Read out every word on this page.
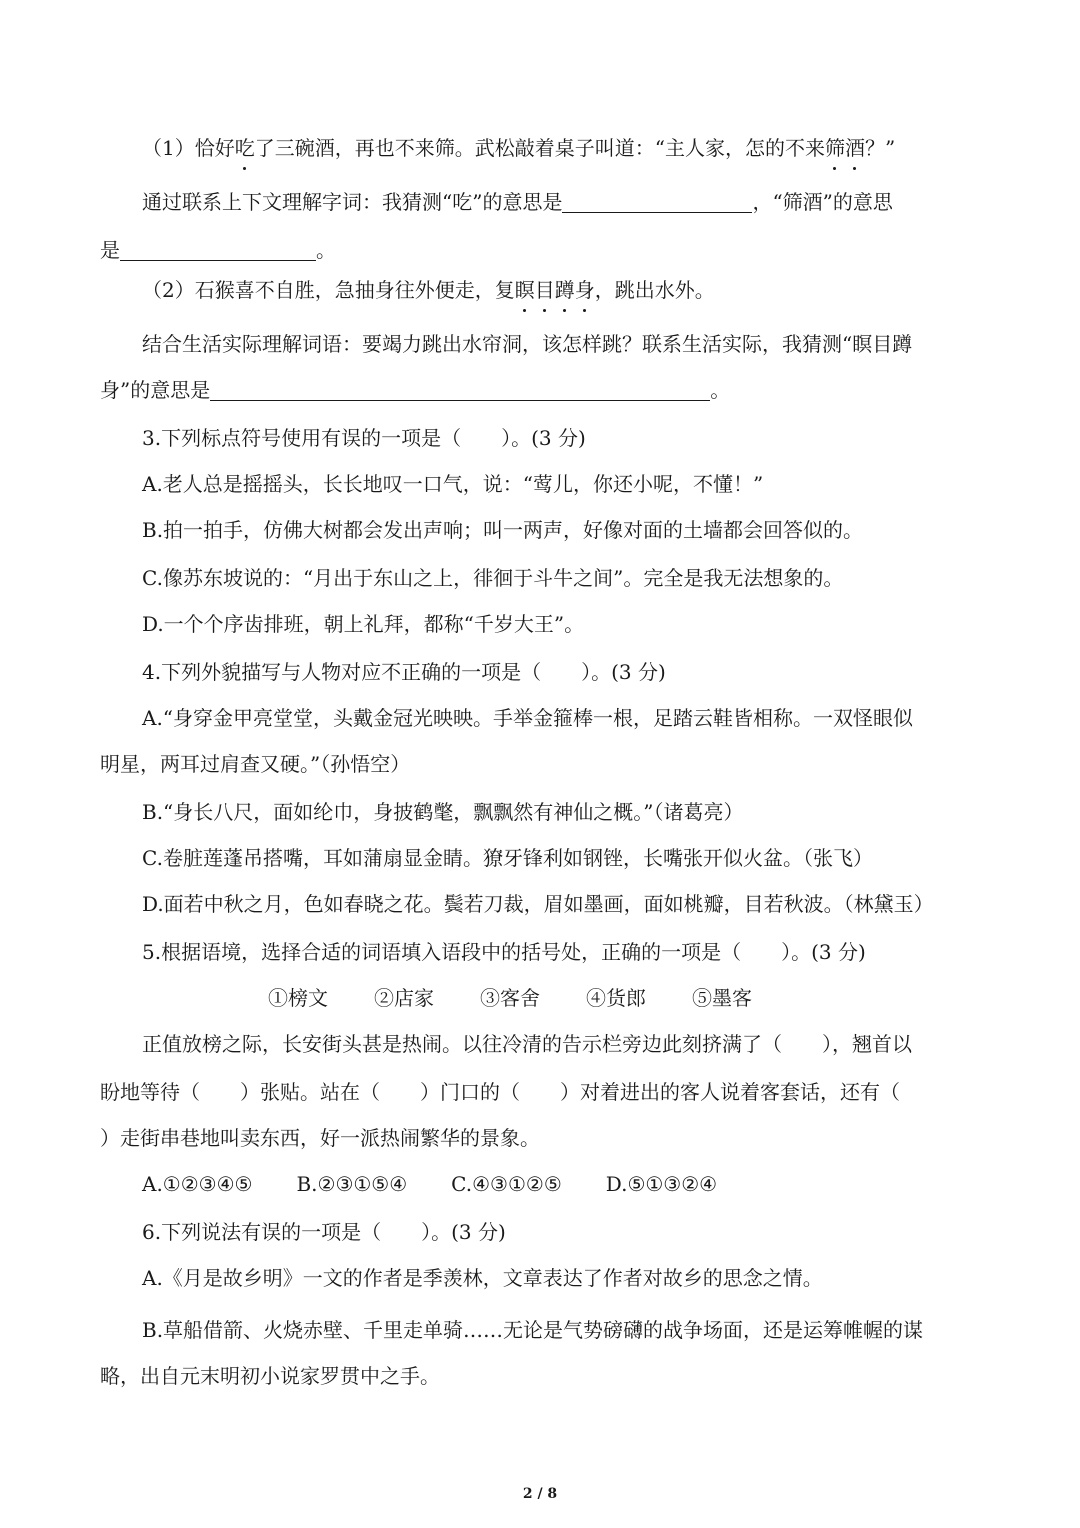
（1）恰好吃了三碗酒，再也不来筛。武松敲着桌子叫道：“主人家，怎的不来筛酒？”
通过联系上下文理解字词：我猜测“吃”的意思是	，“筛酒”的意思
是	。
（2）石猴喜不自胜，急抽身往外便走，复瞑目蹲身，跳出水外。
结合生活实际理解词语：要竭力跳出水帘洞，该怎样跳？联系生活实际，我猜测“瞑目蹲
身”的意思是	。
3.下列标点符号使用有误的一项是（　　）。(3 分)
A.老人总是摇摇头，长长地叹一口气，说：“莺儿，你还小呢，不懂！”
B.拍一拍手，仿佛大树都会发出声响；叫一两声，好像对面的土墙都会回答似的。
C.像苏东坡说的：“月出于东山之上，徘徊于斗牛之间”。完全是我无法想象的。
D.一个个序齿排班，朝上礼拜，都称“千岁大王”。
4.下列外貌描写与人物对应不正确的一项是（　　）。(3 分)
A.“身穿金甲亮堂堂，头戴金冠光映映。手举金箍棒一根，足踏云鞋皆相称。一双怪眼似
明星，两耳过肩查又硬。”（孙悟空）
B.“身长八尺，面如纶巾，身披鹤氅，飘飘然有神仙之概。”（诸葛亮）
C.卷脏莲蓬吊搭嘴，耳如蒲扇显金睛。獠牙锋利如钢锉，长嘴张开似火盆。（张飞）
D.面若中秋之月，色如春晓之花。鬓若刀裁，眉如墨画，面如桃瓣，目若秋波。（林黛玉）
5.根据语境，选择合适的词语填入语段中的括号处，正确的一项是（　　）。(3 分)
①榜文 ②店家 ③客舍 ④货郎 ⑤墨客
正值放榜之际，长安街头甚是热闹。以往冷清的告示栏旁边此刻挤满了（　　），翘首以
盼地等待（　　）张贴。站在（　　）门口的（　　）对着进出的客人说着客套话，还有（
）走街串巷地叫卖东西，好一派热闹繁华的景象。
A.①②③④⑤ B.②③①⑤④ C.④③①②⑤ D.⑤①③②④
6.下列说法有误的一项是（　　）。(3 分)
A.《月是故乡明》一文的作者是季羡林，文章表达了作者对故乡的思念之情。
B.草船借箭、火烧赤壁、千里走单骑……无论是气势磅礴的战争场面，还是运筹帷幄的谋
略，出自元末明初小说家罗贯中之手。
2 / 8
